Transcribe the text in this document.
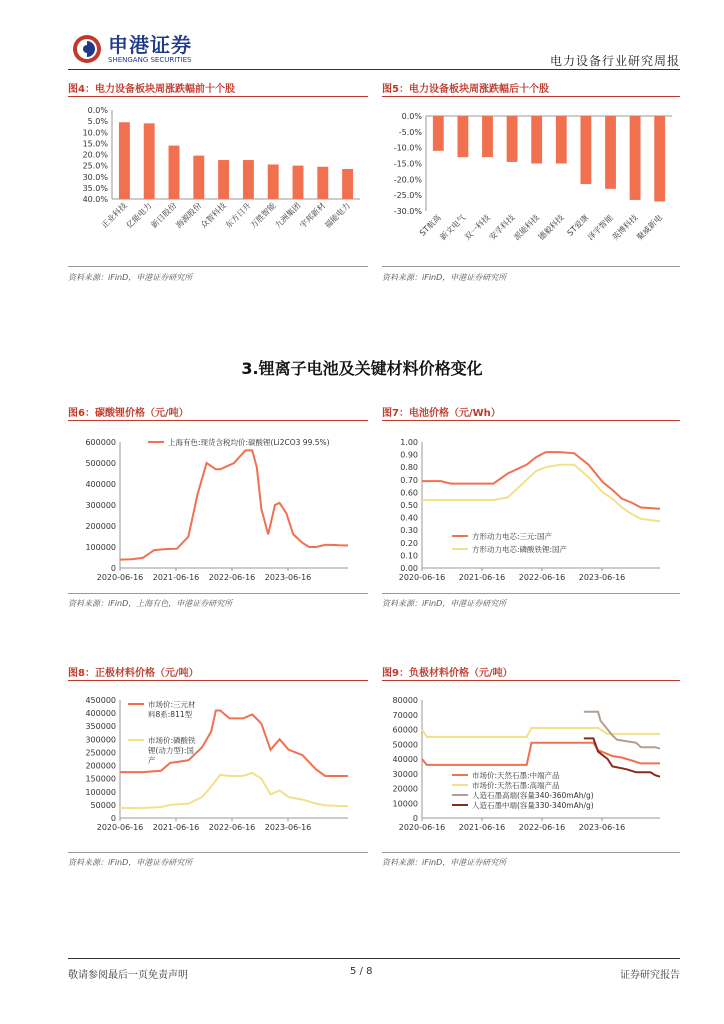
申港证券
SHENGANG SECURITIES	电力设备行业研究周报
图4：电力设备板块周涨跌幅前十个股	图5：电力设备板块周涨跌幅后十个股
0.0%
5.0%
10.0%
15.0%
20.0%
25.0%
30.0%
35.0%
40.0%
正业科技
亿能电力
新日股份
海源股份
众智科技
东方日升
万胜智能
九洲集团
宇邦新材
福能电力
0.0%
-5.0%
-10.0%
-15.0%
-20.0%
-25.0%
-30.0%
ST航高
新文电气
双一科技
安孚科技
派能科技
德毅科技 ST爱康
泽宇智能
英博科技
聚威新电
资料来源：iFinD，申港证券研究所	资料来源：iFinD，申港证券研究所
3.锂离子电池及关键材料价格变化
图6：碳酸锂价格（元/吨）	图7：电池价格（元/Wh）
0
100000
200000
300000
400000
500000
600000
2020-06-16 2021-06-16 2022-06-16 2023-06-16
上海有色:现货含税均价:碳酸锂(Li2CO3 99.5%)
0.00
0.10
0.20
0.30
0.40
0.50
0.60
0.70
0.80
0.90
1.00
2020-06-16 2021-06-16 2022-06-16 2023-06-16
方形动力电芯:三元:国产
方形动力电芯:磷酸铁锂:国产
资料来源：iFinD，上海有色，申港证券研究所	资料来源：iFinD，申港证券研究所
图8：正极材料价格（元/吨）	图9：负极材料价格（元/吨）
0
50000
100000
150000
200000
250000
300000
350000
400000
450000
2020-06-16 2021-06-16 2022-06-16 2023-06-16
市场价:三元材
料8系:811型
市场价:磷酸铁
锂(动力型):国
产
0
10000
20000
30000
40000
50000
60000
70000
80000
2020-06-16 2021-06-16 2022-06-16 2023-06-16
市场价:天然石墨:中端产品
市场价:天然石墨:高端产品
人造石墨高端(容量340-360mAh/g)
人造石墨中端(容量330-340mAh/g)
资料来源：iFinD，申港证券研究所	资料来源：iFinD，申港证券研究所
敬请参阅最后一页免责声明	5 / 8	证券研究报告
